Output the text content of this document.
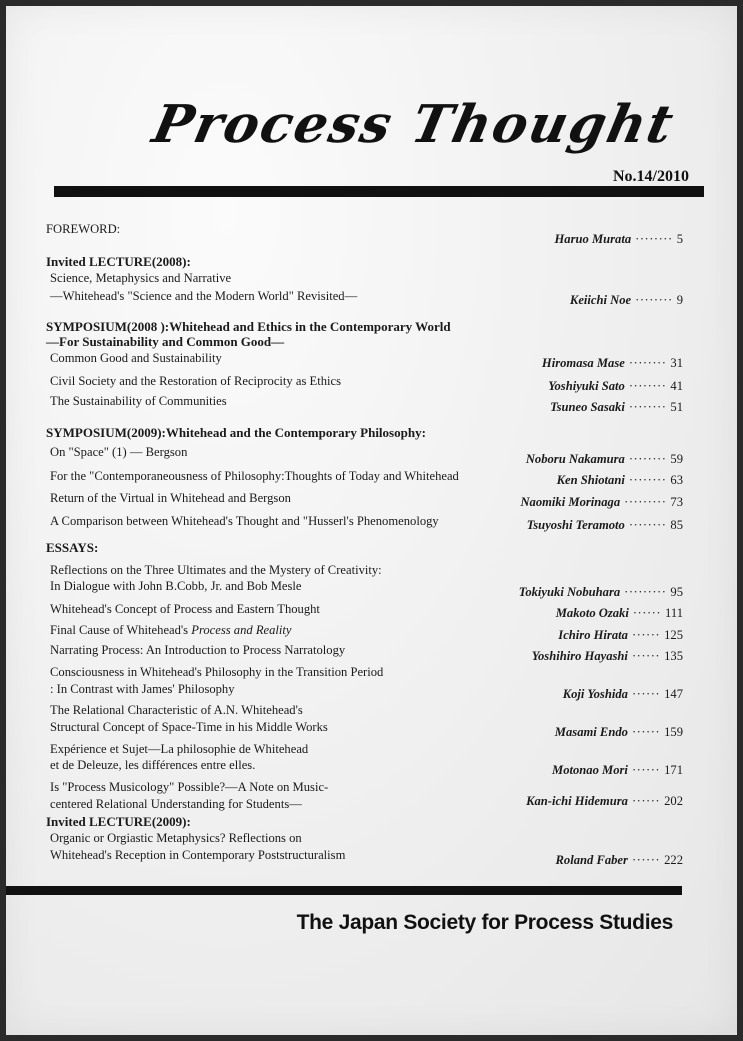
Process Thought
No.14/2010
FOREWORD:
Haruo Murata ········ 5
Invited LECTURE(2008):
Science, Metaphysics and Narrative
—Whitehead's "Science and the Modern World" Revisited—	Keiichi Noe ········ 9
SYMPOSIUM(2008 ):Whitehead and Ethics in the Contemporary World
—For Sustainability and Common Good—
Common Good and Sustainability	Hiromasa Mase ········ 31
Civil Society and the Restoration of Reciprocity as Ethics	Yoshiyuki Sato ········ 41
The Sustainability of Communities	Tsuneo Sasaki ········ 51
SYMPOSIUM(2009):Whitehead and the Contemporary Philosophy:
On "Space" (1) — Bergson	Noboru Nakamura ········ 59
For the "Contemporaneousness of Philosophy:Thoughts of Today and Whitehead	Ken Shiotani ········ 63
Return of the Virtual in Whitehead and Bergson	Naomiki Morinaga ········· 73
A Comparison between Whitehead's Thought and "Husserl's Phenomenology	Tsuyoshi Teramoto ········ 85
ESSAYS:
Reflections on the Three Ultimates and the Mystery of Creativity:
In Dialogue with John B.Cobb, Jr. and Bob Mesle	Tokiyuki Nobuhara ········· 95
Whitehead's Concept of Process and Eastern Thought	Makoto Ozaki ······ 111
Final Cause of Whitehead's Process and Reality	Ichiro Hirata ······ 125
Narrating Process: An Introduction to Process Narratology	Yoshihiro Hayashi ······ 135
Consciousness in Whitehead's Philosophy in the Transition Period
: In Contrast with James' Philosophy	Koji Yoshida ······ 147
The Relational Characteristic of A.N. Whitehead's
Structural Concept of Space-Time in his Middle Works	Masami Endo ······ 159
Expérience et Sujet—La philosophie de Whitehead
et de Deleuze, les différences entre elles.	Motonao Mori ······ 171
Is "Process Musicology" Possible?—A Note on Music-
centered Relational Understanding for Students—	Kan-ichi Hidemura ······ 202
Invited LECTURE(2009):
Organic or Orgiastic Metaphysics? Reflections on
Whitehead's Reception in Contemporary Poststructuralism	Roland Faber ······ 222
The Japan Society for Process Studies
